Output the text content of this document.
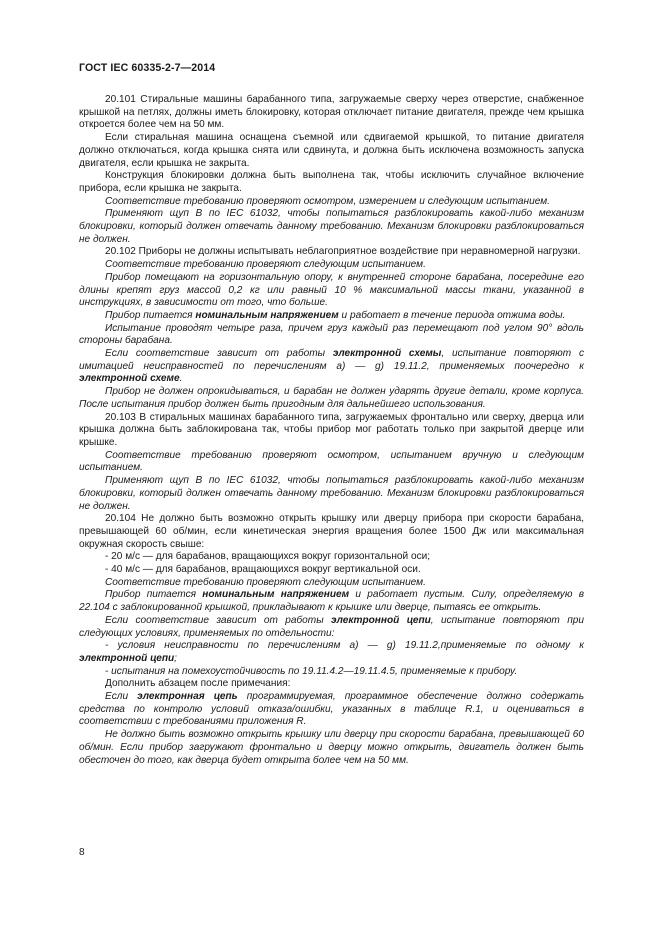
ГОСТ IEC 60335-2-7—2014

20.101 Стиральные машины барабанного типа, загружаемые сверху через отверстие, снабженное крышкой на петлях, должны иметь блокировку, которая отключает питание двигателя, прежде чем крышка откроется более чем на 50 мм.

Если стиральная машина оснащена съемной или сдвигаемой крышкой, то питание двигателя должно отключаться, когда крышка снята или сдвинута, и должна быть исключена возможность запуска двигателя, если крышка не закрыта.

Конструкция блокировки должна быть выполнена так, чтобы исключить случайное включение прибора, если крышка не закрыта.

Соответствие требованию проверяют осмотром, измерением и следующим испытанием.

Применяют щуп B по IEC 61032, чтобы попытаться разблокировать какой-либо механизм блокировки, который должен отвечать данному требованию. Механизм блокировки разблокироваться не должен.

20.102 Приборы не должны испытывать неблагоприятное воздействие при неравномерной нагрузки.

Соответствие требованию проверяют следующим испытанием.

Прибор помещают на горизонтальную опору, к внутренней стороне барабана, посередине его длины крепят груз массой 0,2 кг или равный 10 % максимальной массы ткани, указанной в инструкциях, в зависимости от того, что больше.

Прибор питается номинальным напряжением и работает в течение периода отжима воды.

Испытание проводят четыре раза, причем груз каждый раз перемещают под углом 90° вдоль стороны барабана.

Если соответствие зависит от работы электронной схемы, испытание повторяют с имитацией неисправностей по перечислениям a) — g) 19.11.2, применяемых поочередно к электронной схеме.

Прибор не должен опрокидываться, и барабан не должен ударять другие детали, кроме корпуса. После испытания прибор должен быть пригодным для дальнейшего использования.

20.103 В стиральных машинах барабанного типа, загружаемых фронтально или сверху, дверца или крышка должна быть заблокирована так, чтобы прибор мог работать только при закрытой дверце или крышке.

Соответствие требованию проверяют осмотром, испытанием вручную и следующим испытанием.

Применяют щуп B по IEC 61032, чтобы попытаться разблокировать какой-либо механизм блокировки, который должен отвечать данному требованию. Механизм блокировки разблокироваться не должен.

20.104 Не должно быть возможно открыть крышку или дверцу прибора при скорости барабана, превышающей 60 об/мин, если кинетическая энергия вращения более 1500 Дж или максимальная окружная скорость свыше:

- 20 м/с — для барабанов, вращающихся вокруг горизонтальной оси;

- 40 м/с — для барабанов, вращающихся вокруг вертикальной оси.

Соответствие требованию проверяют следующим испытанием.

Прибор питается номинальным напряжением и работает пустым. Силу, определяемую в 22.104 с заблокированной крышкой, прикладывают к крышке или дверце, пытаясь ее открыть.

Если соответствие зависит от работы электронной цепи, испытание повторяют при следующих условиях, применяемых по отдельности:

- условия неисправности по перечислениям a) — g) 19.11.2,применяемые по одному к электронной цепи;

- испытания на помехоустойчивость по 19.11.4.2—19.11.4.5, применяемые к прибору.

Дополнить абзацем после примечания:

Если электронная цепь программируемая, программное обеспечение должно содержать средства по контролю условий отказа/ошибки, указанных в таблице R.1, и оцениваться в соответствии с требованиями приложения R.

Не должно быть возможно открыть крышку или дверцу при скорости барабана, превышающей 60 об/мин. Если прибор загружают фронтально и дверцу можно открыть, двигатель должен быть обесточен до того, как дверца будет открыта более чем на 50 мм.

8
